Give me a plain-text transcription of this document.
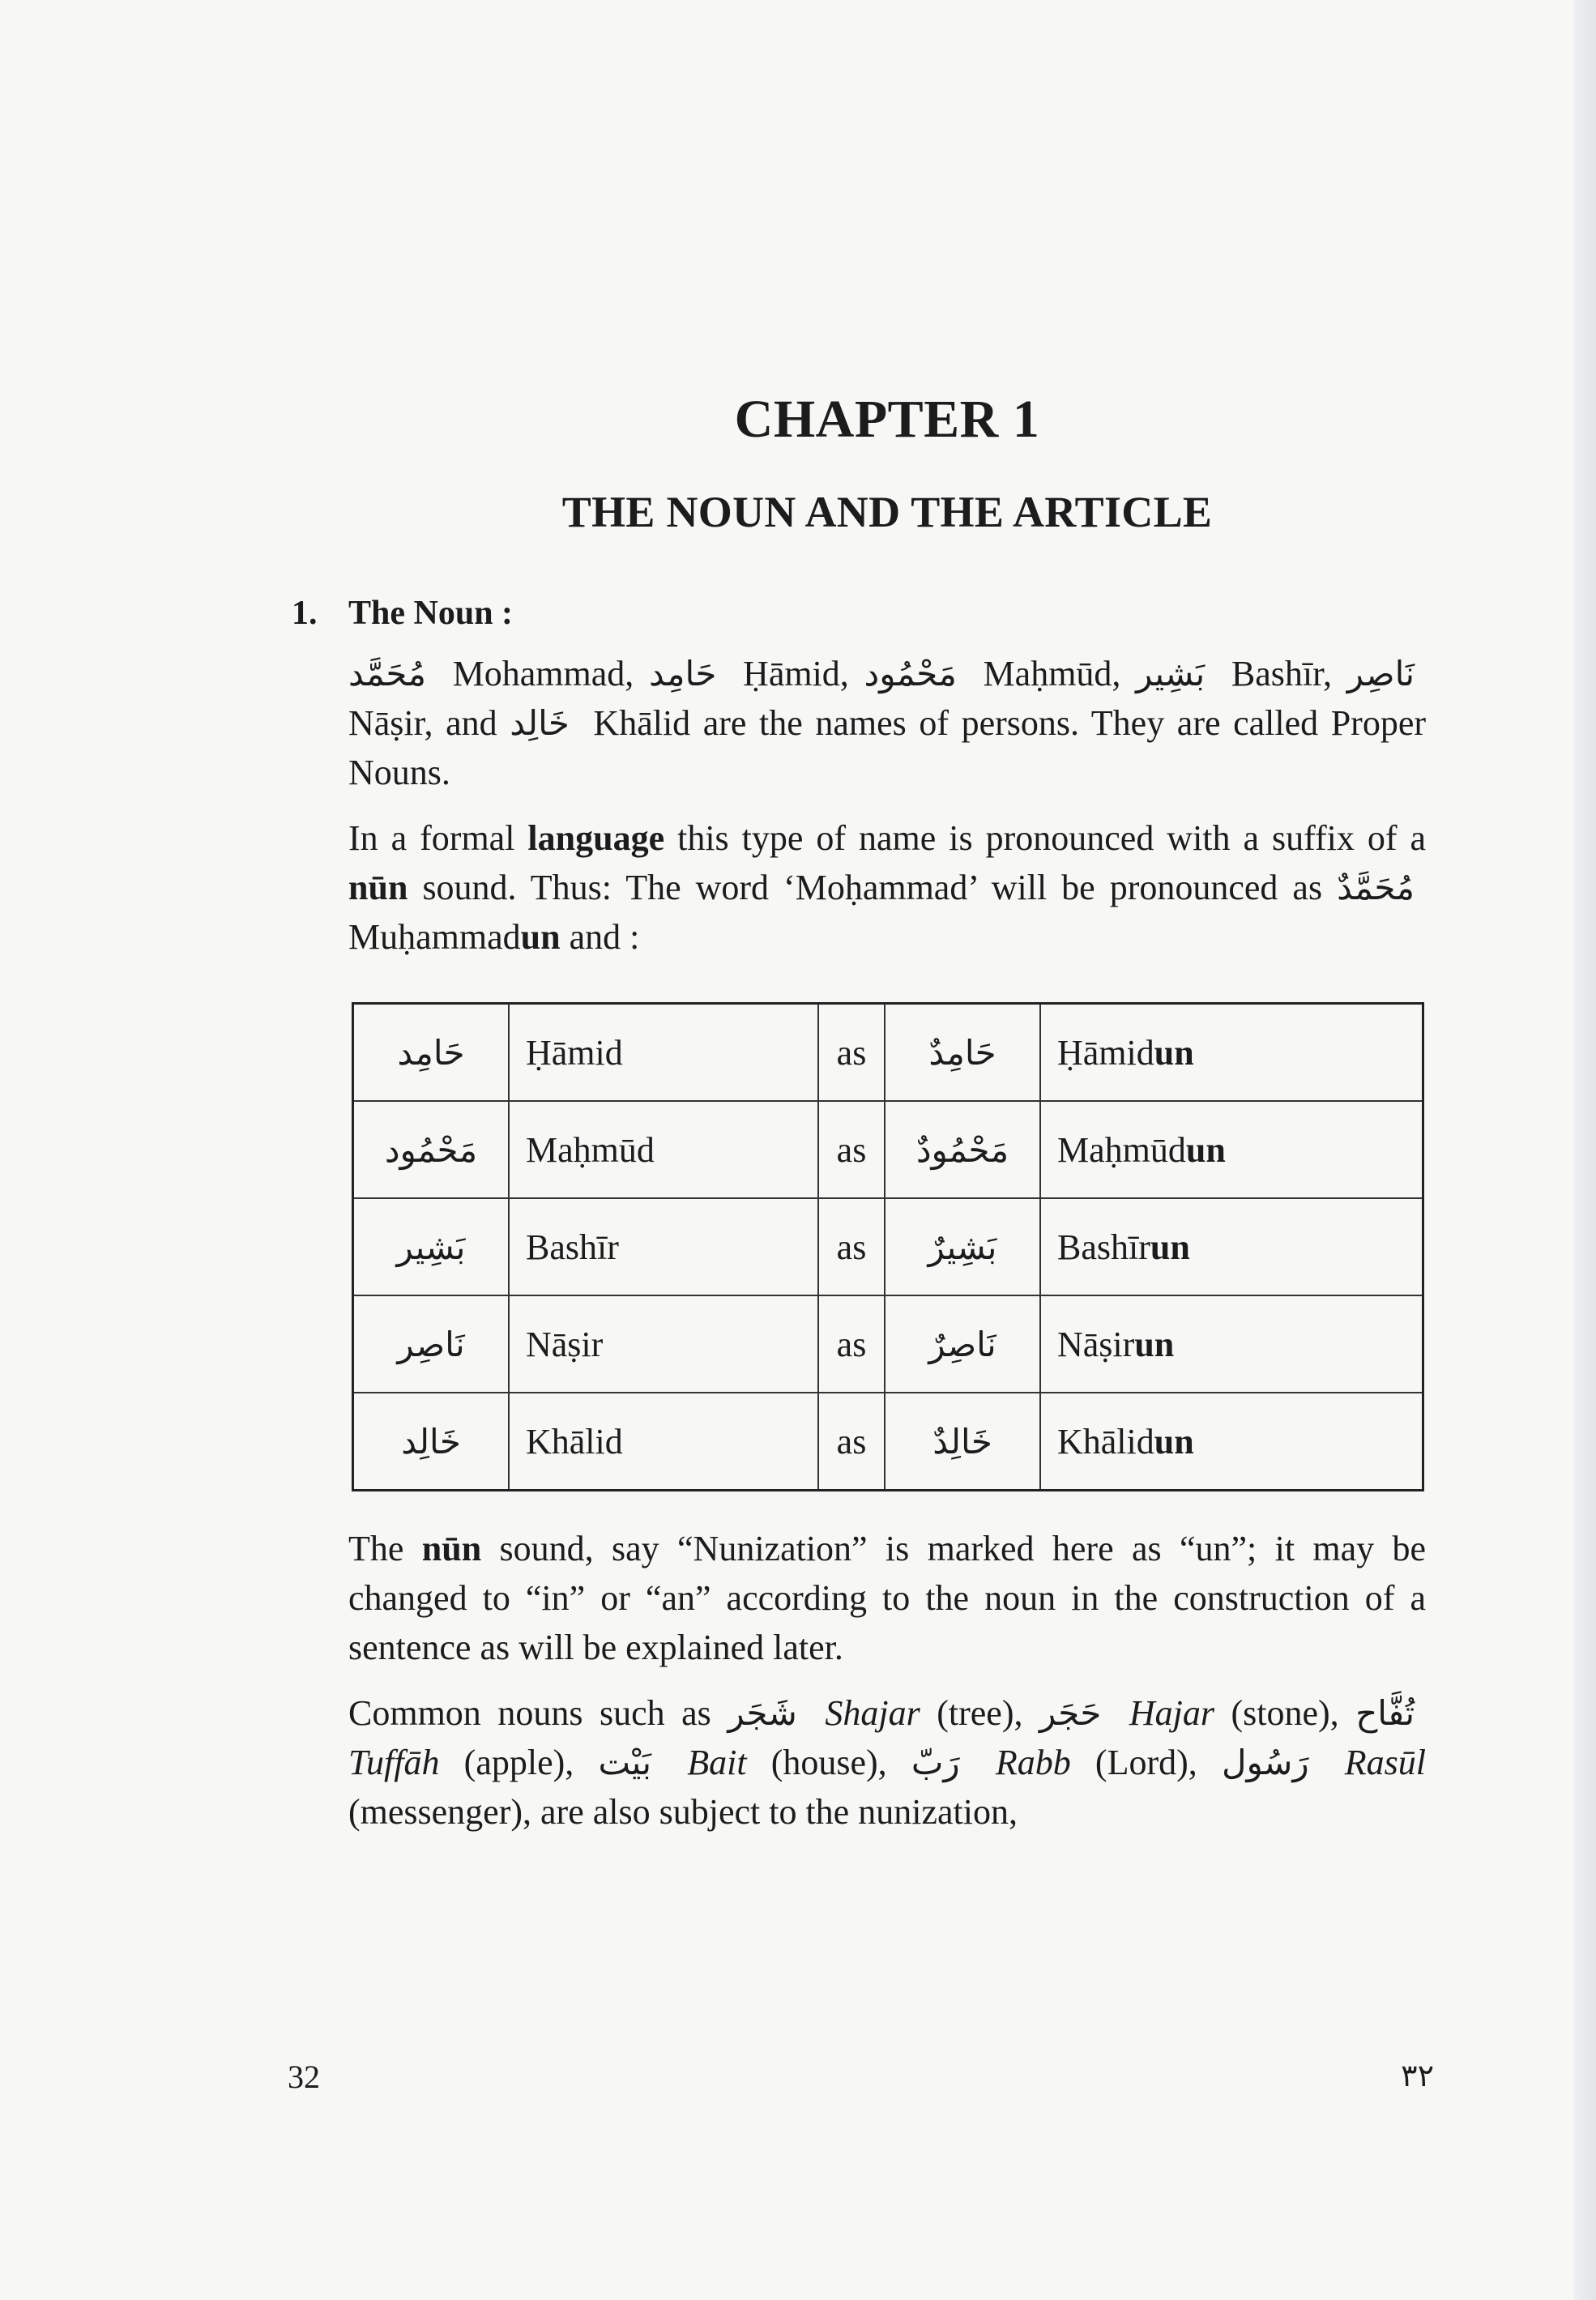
CHAPTER 1
THE NOUN AND THE ARTICLE
1. The Noun :

مُحَمَّد Mohammad, حَامِد Ḥāmid, مَحْمُود Maḥmūd, بَشِير Bashīr, نَاصِر Nāṣir, and خَالِد Khālid are the names of persons. They are called Proper Nouns.

In a formal language this type of name is pronounced with a suffix of a nūn sound. Thus: The word ‘Moḥammad’ will be pronounced as مُحَمَّدٌ Muḥammadun and :

حَامِد	Ḥāmid	as	حَامِدٌ	Ḥāmidun
مَحْمُود	Maḥmūd	as	مَحْمُودٌ	Maḥmūdun
بَشِير	Bashīr	as	بَشِيرٌ	Bashīrun
نَاصِر	Nāṣir	as	نَاصِرٌ	Nāṣirun
خَالِد	Khālid	as	خَالِدٌ	Khālidun

The nūn sound, say “Nunization” is marked here as “un”; it may be changed to “in” or “an” according to the noun in the construction of a sentence as will be explained later.

Common nouns such as شَجَر Shajar (tree), حَجَر Hajar (stone), تُفَّاح Tuffāh (apple), بَيْت Bait (house), رَبّ Rabb (Lord), رَسُول Rasūl (messenger), are also subject to the nunization,

32	٣٢
